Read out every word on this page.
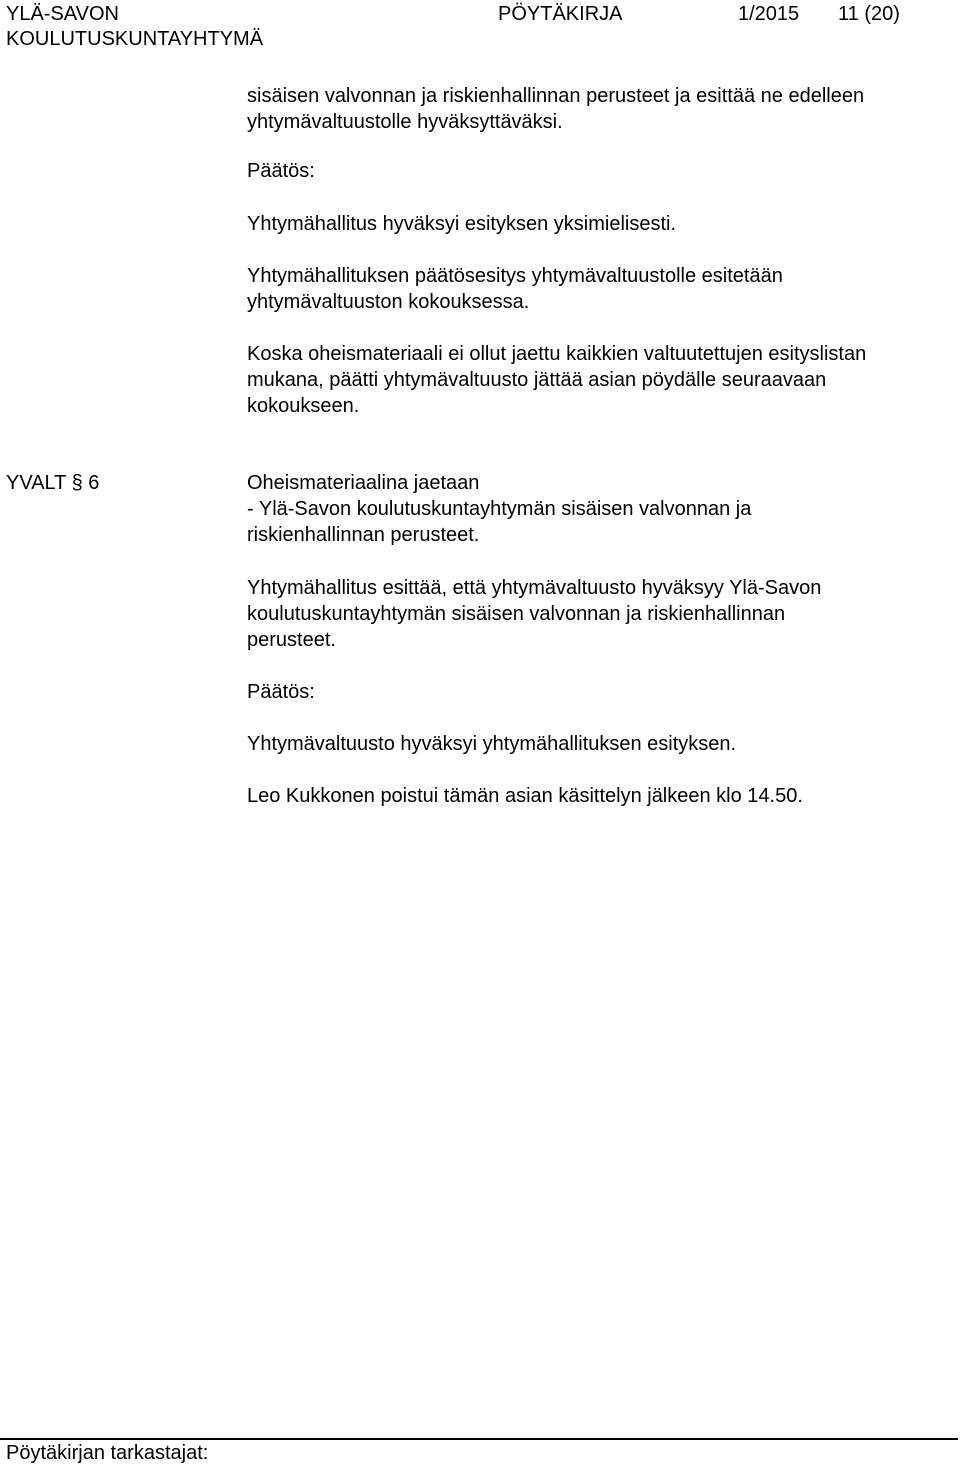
YLÄ-SAVON
KOULUTUSKUNTAYHTYMÄ
PÖYTÄKIRJA	1/2015 11 (20)

sisäisen valvonnan ja riskienhallinnan perusteet ja esittää ne edelleen

yhtymävaltuustolle hyväksyttäväksi.

Päätös:

Yhtymähallitus hyväksyi esityksen yksimielisesti.

Yhtymähallituksen päätösesitys yhtymävaltuustolle esitetään

yhtymävaltuuston kokouksessa.

Koska oheismateriaali ei ollut jaettu kaikkien valtuutettujen esityslistan

mukana, päätti yhtymävaltuusto jättää asian pöydälle seuraavaan

kokoukseen.

YVALT § 6	Oheismateriaalina jaetaan

- Ylä-Savon koulutuskuntayhtymän sisäisen valvonnan ja

riskienhallinnan perusteet.

Yhtymähallitus esittää, että yhtymävaltuusto hyväksyy Ylä-Savon

koulutuskuntayhtymän sisäisen valvonnan ja riskienhallinnan

perusteet.

Päätös:

Yhtymävaltuusto hyväksyi yhtymähallituksen esityksen.

Leo Kukkonen poistui tämän asian käsittelyn jälkeen klo 14.50.

Pöytäkirjan tarkastajat:
